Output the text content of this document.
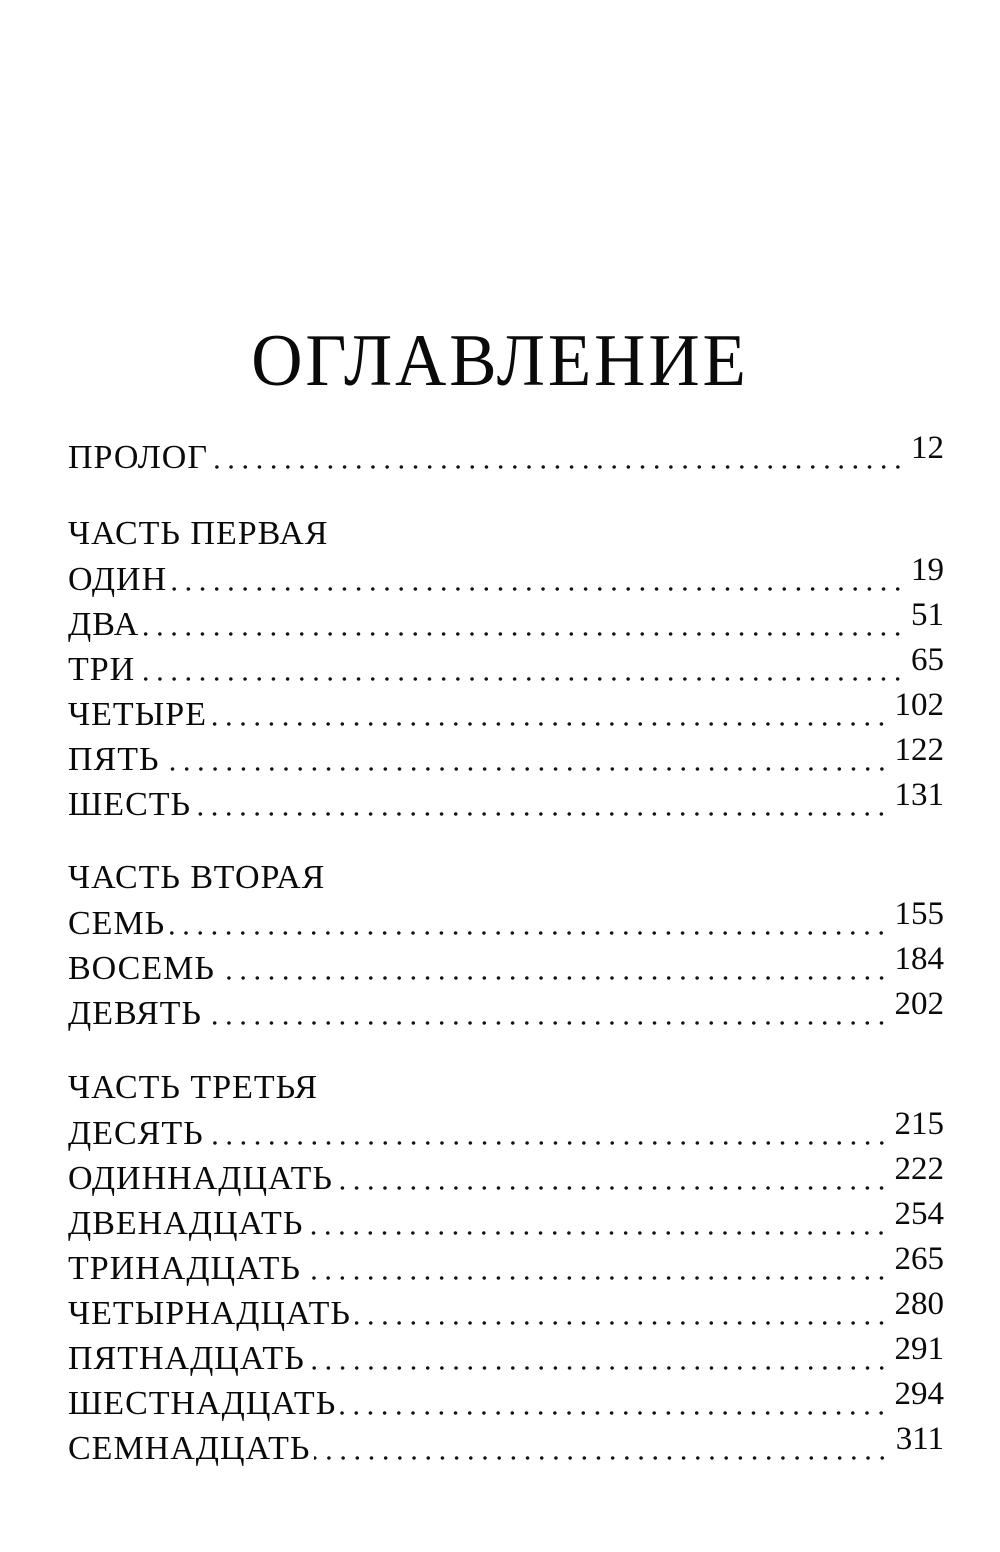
ОГЛАВЛЕНИЕ
ПРОЛОГ	12
ЧАСТЬ ПЕРВАЯ
ОДИН	19
ДВА	51
ТРИ	65
ЧЕТЫРЕ	102
ПЯТЬ	122
ШЕСТЬ	131
ЧАСТЬ ВТОРАЯ
СЕМЬ	155
ВОСЕМЬ	184
ДЕВЯТЬ	202
ЧАСТЬ ТРЕТЬЯ
ДЕСЯТЬ	215
ОДИННАДЦАТЬ	222
ДВЕНАДЦАТЬ	254
ТРИНАДЦАТЬ	265
ЧЕТЫРНАДЦАТЬ	280
ПЯТНАДЦАТЬ	291
ШЕСТНАДЦАТЬ	294
СЕМНАДЦАТЬ	311
